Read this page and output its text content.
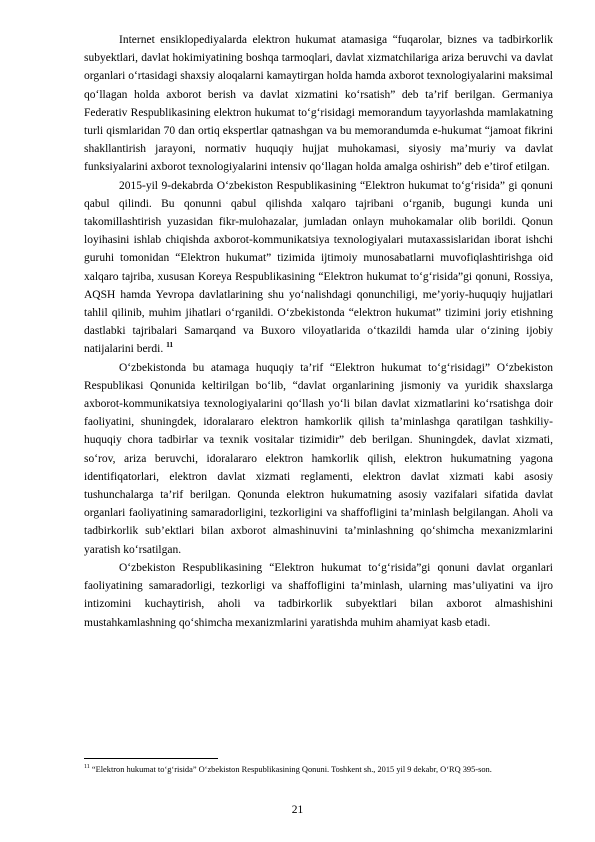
Internet ensiklopediyalarda elektron hukumat atamasiga “fuqarolar, biznes va tadbirkorlik subyektlari, davlat hokimiyatining boshqa tarmoqlari, davlat xizmatchilariga ariza beruvchi va davlat organlari o‘rtasidagi shaxsiy aloqalarni kamaytirgan holda hamda axborot texnologiyalarini maksimal qo‘llagan holda axborot berish va davlat xizmatini ko‘rsatish” deb ta’rif berilgan. Germaniya Federativ Respublikasining elektron hukumat to‘g‘risidagi memorandum tayyorlashda mamlakatning turli qismlaridan 70 dan ortiq ekspertlar qatnashgan va bu memorandumda e-hukumat “jamoat fikrini shakllantirish jarayoni, normativ huquqiy hujjat muhokamasi, siyosiy ma’muriy va davlat funksiyalarini axborot texnologiyalarini intensiv qo‘llagan holda amalga oshirish” deb e’tirof etilgan.

2015-yil 9-dekabrda O‘zbekiston Respublikasining “Elektron hukumat to‘g‘risida” gi qonuni qabul qilindi. Bu qonunni qabul qilishda xalqaro tajribani o‘rganib, bugungi kunda uni takomillashtirish yuzasidan fikr-mulohazalar, jumladan onlayn muhokamalar olib borildi. Qonun loyihasini ishlab chiqishda axborot-kommunikatsiya texnologiyalari mutaxassislaridan iborat ishchi guruhi tomonidan “Elektron hukumat” tizimida ijtimoiy munosabatlarni muvofiqlashtirishga oid xalqaro tajriba, xususan Koreya Respublikasining “Elektron hukumat to‘g‘risida”gi qonuni, Rossiya, AQSH hamda Yevropa davlatlarining shu yo‘nalishdagi qonunchiligi, me’yoriy-huquqiy hujjatlari tahlil qilinib, muhim jihatlari o‘rganildi. O‘zbekistonda “elektron hukumat” tizimini joriy etishning dastlabki tajribalari Samarqand va Buxoro viloyatlarida o‘tkazildi hamda ular o‘zining ijobiy natijalarini berdi. $^{11}$

O‘zbekistonda bu atamaga huquqiy ta’rif “Elektron hukumat to‘g‘risidagi” O‘zbekiston Respublikasi Qonunida keltirilgan bo‘lib, “davlat organlarining jismoniy va yuridik shaxslarga axborot-kommunikatsiya texnologiyalarini qo‘llash yo‘li bilan davlat xizmatlarini ko‘rsatishga doir faoliyatini, shuningdek, idoralararo elektron hamkorlik qilish ta’minlashga qaratilgan tashkiliy-huquqiy chora tadbirlar va texnik vositalar tizimidir” deb berilgan. Shuningdek, davlat xizmati, so‘rov, ariza beruvchi, idoralararo elektron hamkorlik qilish, elektron hukumatning yagona identifiqatorlari, elektron davlat xizmati reglamenti, elektron davlat xizmati kabi asosiy tushunchalarga ta’rif berilgan. Qonunda elektron hukumatning asosiy vazifalari sifatida davlat organlari faoliyatining samaradorligini, tezkorligini va shaffofligini ta’minlash belgilangan. Aholi va tadbirkorlik sub’ektlari bilan axborot almashinuvini ta’minlashning qo‘shimcha mexanizmlarini yaratish ko‘rsatilgan.

O‘zbekiston Respublikasining “Elektron hukumat to‘g‘risida”gi qonuni davlat organlari faoliyatining samaradorligi, tezkorligi va shaffofligini ta’minlash, ularning mas’uliyatini va ijro intizomini kuchaytirish, aholi va tadbirkorlik subyektlari bilan axborot almashishini mustahkamlashning qo‘shimcha mexanizmlarini yaratishda muhim ahamiyat kasb etadi.

$^{11}$ “Elektron hukumat to‘g‘risida” O‘zbekiston Respublikasining Qonuni. Toshkent sh., 2015 yil 9 dekabr, O‘RQ 395-son.

21
